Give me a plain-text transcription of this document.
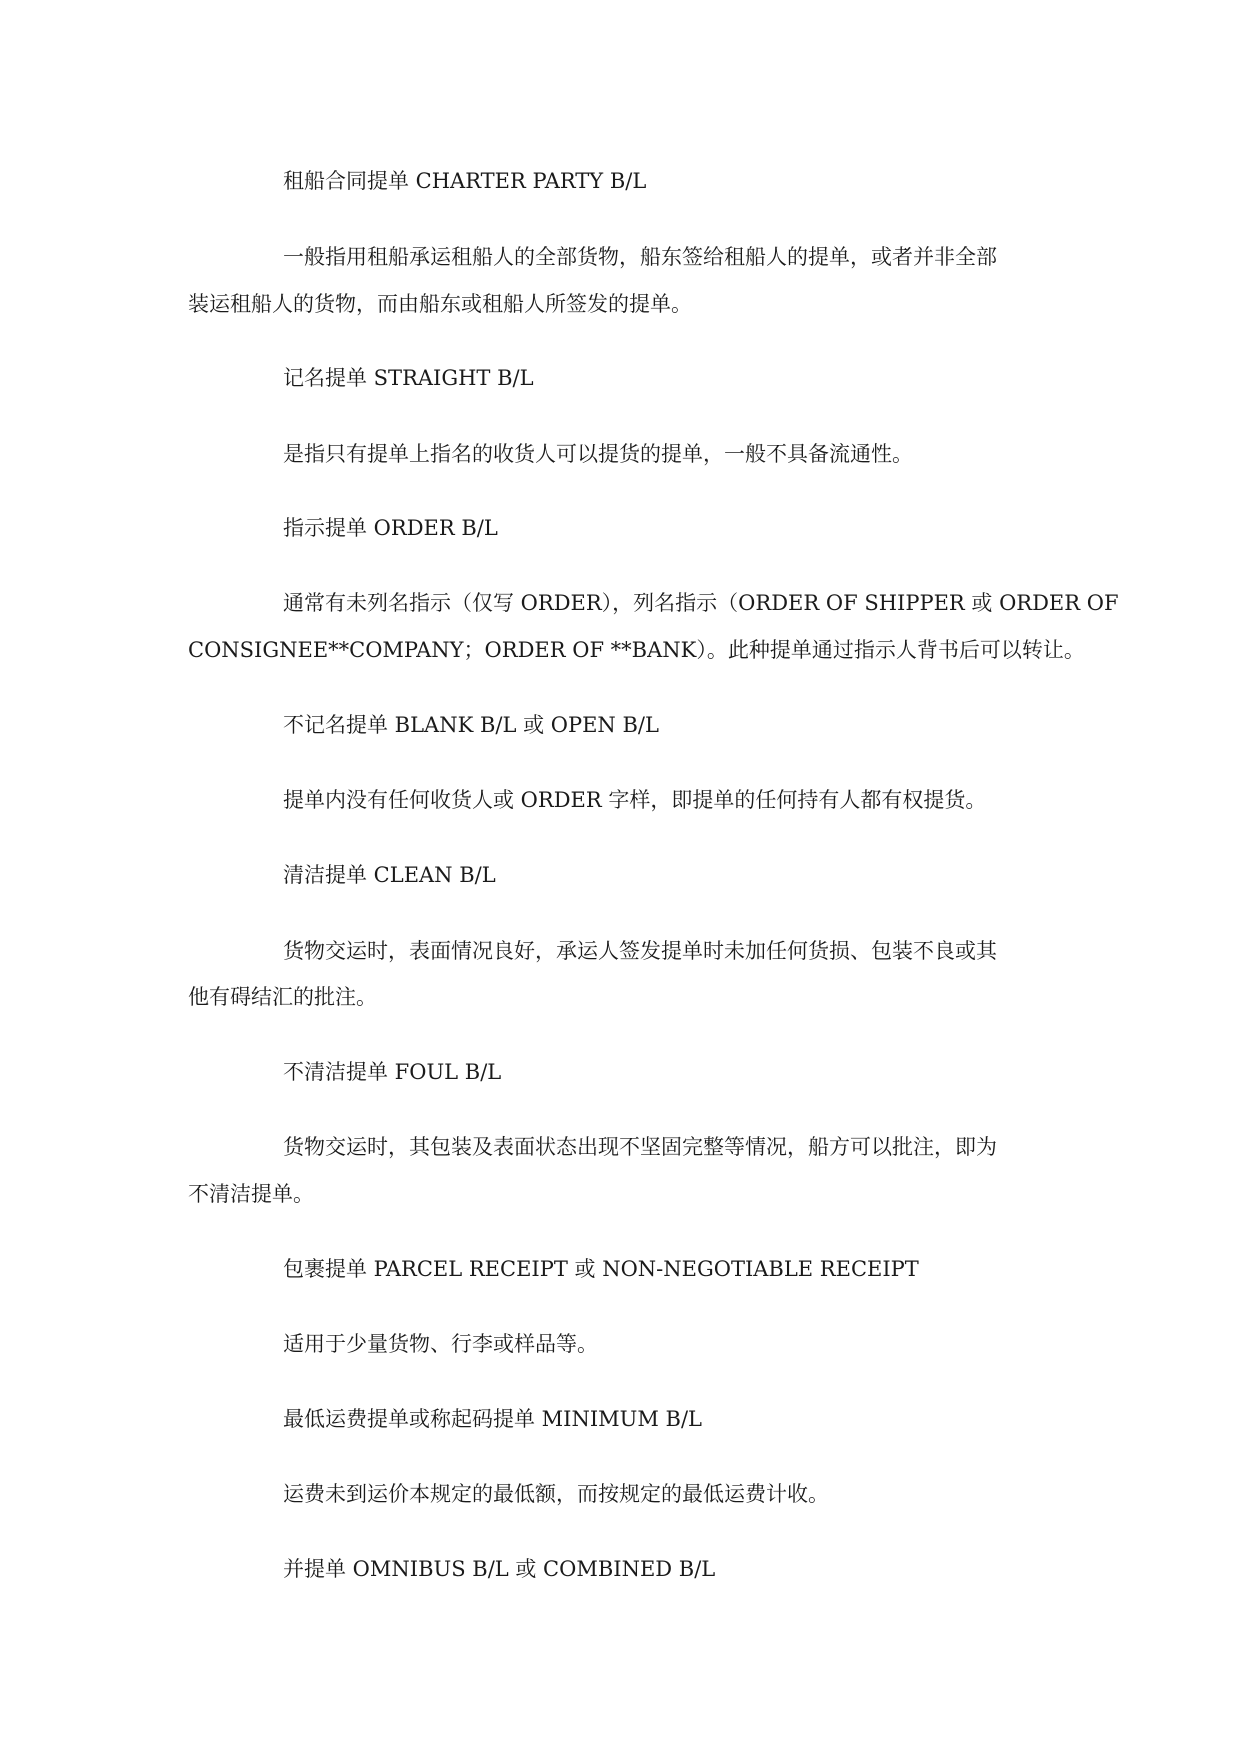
租船合同提单 CHARTER PARTY B/L
一般指用租船承运租船人的全部货物，船东签给租船人的提单，或者并非全部
装运租船人的货物，而由船东或租船人所签发的提单。
记名提单 STRAIGHT B/L
是指只有提单上指名的收货人可以提货的提单，一般不具备流通性。
指示提单 ORDER B/L
通常有未列名指示（仅写 ORDER），列名指示（ORDER OF SHIPPER 或 ORDER OF
CONSIGNEE**COMPANY；ORDER OF **BANK）。此种提单通过指示人背书后可以转让。
不记名提单 BLANK B/L 或 OPEN B/L
提单内没有任何收货人或 ORDER 字样，即提单的任何持有人都有权提货。
清洁提单 CLEAN B/L
货物交运时，表面情况良好，承运人签发提单时未加任何货损、包装不良或其
他有碍结汇的批注。
不清洁提单 FOUL B/L
货物交运时，其包装及表面状态出现不坚固完整等情况，船方可以批注，即为
不清洁提单。
包裹提单 PARCEL RECEIPT 或 NON-NEGOTIABLE RECEIPT
适用于少量货物、行李或样品等。
最低运费提单或称起码提单 MINIMUM B/L
运费未到运价本规定的最低额，而按规定的最低运费计收。
并提单 OMNIBUS B/L 或 COMBINED B/L
